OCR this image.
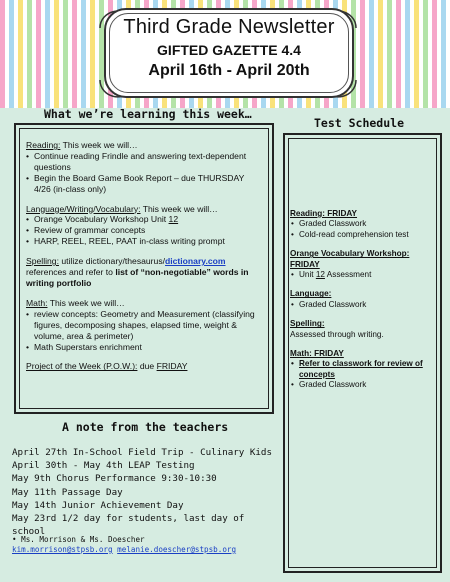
Third Grade Newsletter
GIFTED GAZETTE 4.4
April 16th - April 20th
What we’re learning this week…
Test Schedule
Reading: This week we will…
• Continue reading Frindle and answering text-dependent questions
• Begin the Board Game Book Report – due THURSDAY 4/26 (in-class only)
Language/Writing/Vocabulary: This week we will…
• Orange Vocabulary Workshop Unit 12
• Review of grammar concepts
• HARP, REEL, REEL, PAAT in-class writing prompt
Spelling: utilize dictionary/thesaurus/dictionary.com references and refer to list of “non-negotiable” words in writing portfolio
Math: This week we will…
• review concepts: Geometry and Measurement (classifying figures, decomposing shapes, elapsed time, weight & volume, area & perimeter)
• Math Superstars enrichment
Project of the Week (P.O.W.): due FRIDAY
Reading: FRIDAY
• Graded Classwork
• Cold-read comprehension test
Orange Vocabulary Workshop: FRIDAY
• Unit 12 Assessment
Language:
• Graded Classwork
Spelling:
Assessed through writing.
Math: FRIDAY
• Refer to classwork for review of concepts
• Graded Classwork
A note from the teachers
April 27th In-School Field Trip - Culinary Kids
April 30th - May 4th LEAP Testing
May 9th Chorus Performance 9:30-10:30
May 11th Passage Day
May 14th Junior Achievement Day
May 23rd 1/2 day for students, last day of school
• Ms. Morrison & Ms. Doescher
kim.morrison@stpsb.org melanie.doescher@stpsb.org
